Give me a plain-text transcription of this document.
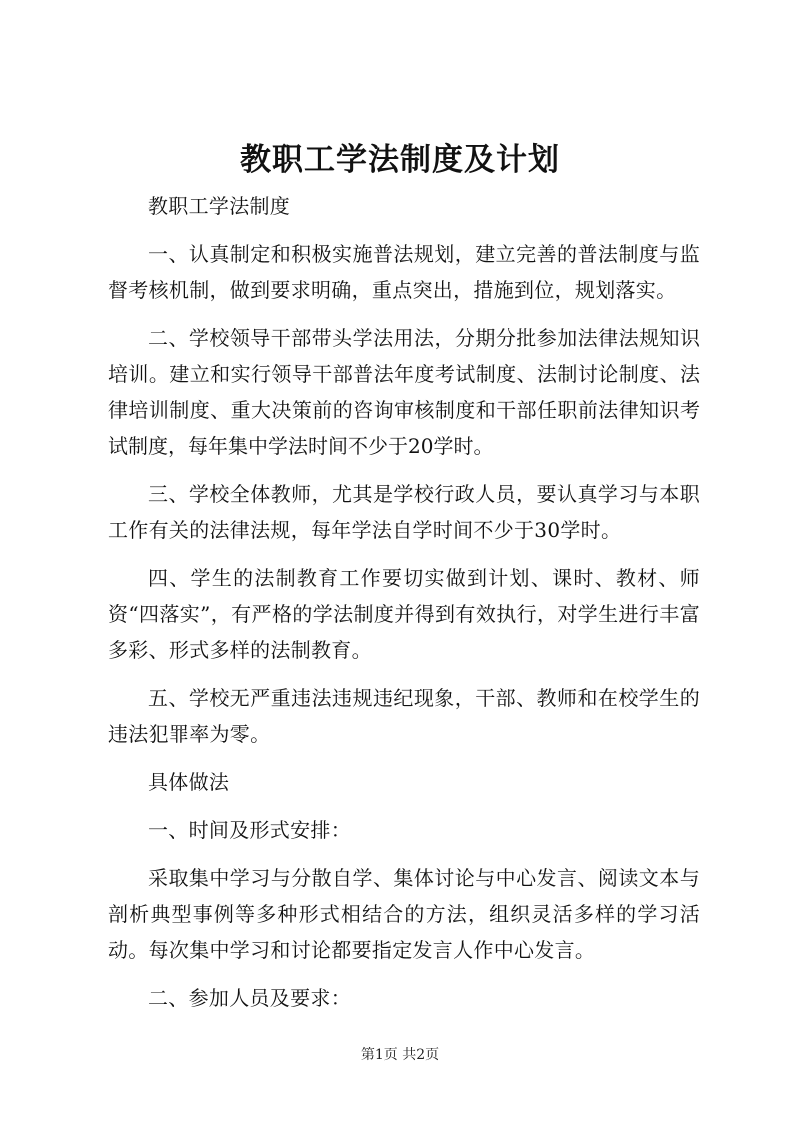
教职工学法制度及计划

教职工学法制度

一、认真制定和积极实施普法规划，建立完善的普法制度与监督考核机制，做到要求明确，重点突出，措施到位，规划落实。

二、学校领导干部带头学法用法，分期分批参加法律法规知识培训。建立和实行领导干部普法年度考试制度、法制讨论制度、法律培训制度、重大决策前的咨询审核制度和干部任职前法律知识考试制度，每年集中学法时间不少于20学时。

三、学校全体教师，尤其是学校行政人员，要认真学习与本职工作有关的法律法规，每年学法自学时间不少于30学时。

四、学生的法制教育工作要切实做到计划、课时、教材、师资“四落实”，有严格的学法制度并得到有效执行，对学生进行丰富多彩、形式多样的法制教育。

五、学校无严重违法违规违纪现象，干部、教师和在校学生的违法犯罪率为零。

具体做法

一、时间及形式安排：

采取集中学习与分散自学、集体讨论与中心发言、阅读文本与剖析典型事例等多种形式相结合的方法，组织灵活多样的学习活动。每次集中学习和讨论都要指定发言人作中心发言。

二、参加人员及要求：

第1页 共2页
